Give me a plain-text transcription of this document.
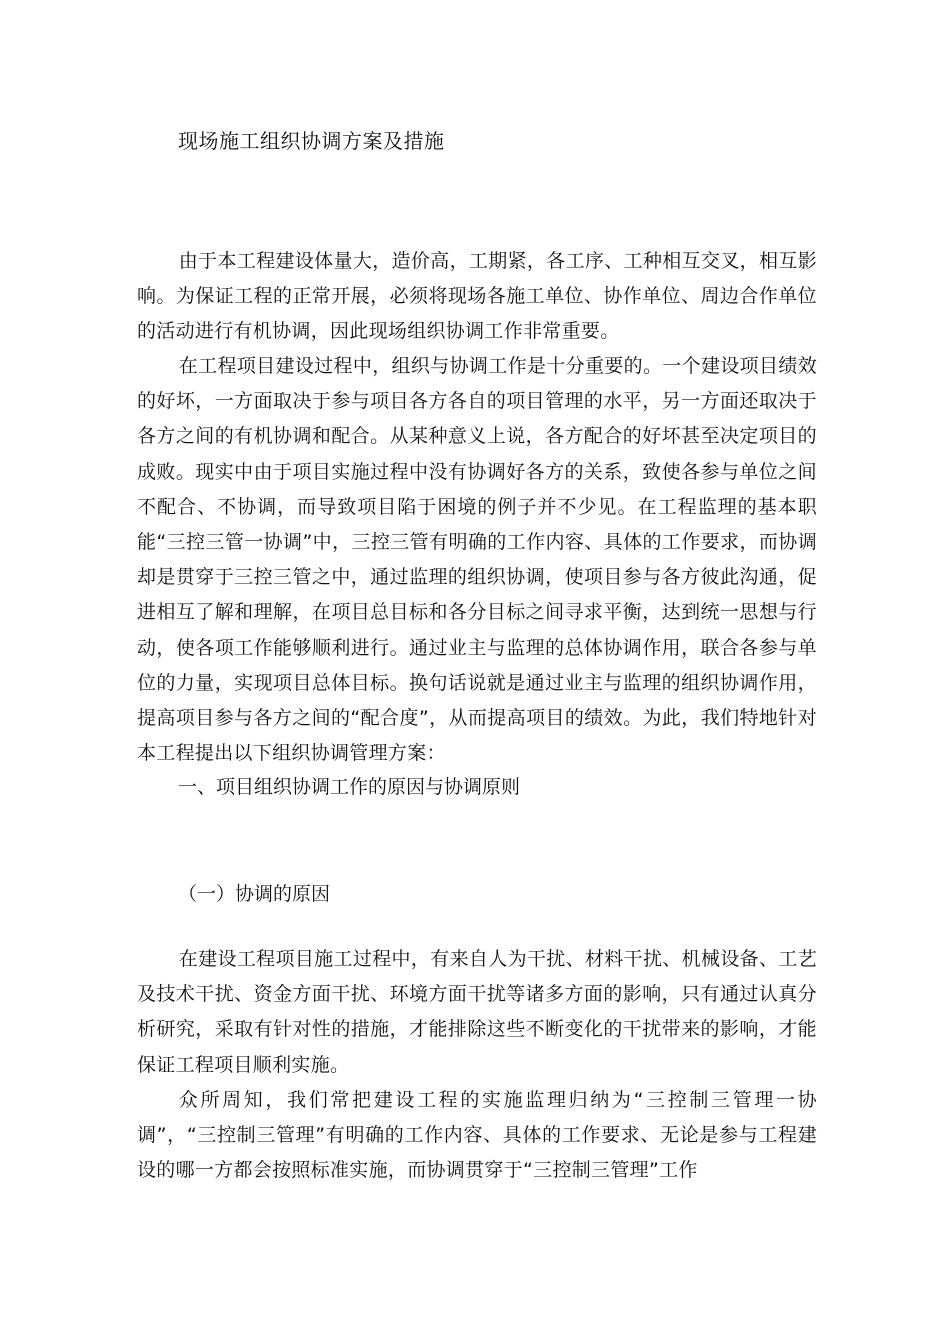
现场施工组织协调方案及措施

由于本工程建设体量大，造价高，工期紧，各工序、工种相互交叉，相互影响。为保证工程的正常开展，必须将现场各施工单位、协作单位、周边合作单位的活动进行有机协调，因此现场组织协调工作非常重要。

在工程项目建设过程中，组织与协调工作是十分重要的。一个建设项目绩效的好坏，一方面取决于参与项目各方各自的项目管理的水平，另一方面还取决于各方之间的有机协调和配合。从某种意义上说，各方配合的好坏甚至决定项目的成败。现实中由于项目实施过程中没有协调好各方的关系，致使各参与单位之间不配合、不协调，而导致项目陷于困境的例子并不少见。在工程监理的基本职能“三控三管一协调”中，三控三管有明确的工作内容、具体的工作要求，而协调却是贯穿于三控三管之中，通过监理的组织协调，使项目参与各方彼此沟通，促进相互了解和理解，在项目总目标和各分目标之间寻求平衡，达到统一思想与行动，使各项工作能够顺利进行。通过业主与监理的总体协调作用，联合各参与单位的力量，实现项目总体目标。换句话说就是通过业主与监理的组织协调作用，提高项目参与各方之间的“配合度”，从而提高项目的绩效。为此，我们特地针对本工程提出以下组织协调管理方案：

一、项目组织协调工作的原因与协调原则
（一）协调的原因

在建设工程项目施工过程中，有来自人为干扰、材料干扰、机械设备、工艺及技术干扰、资金方面干扰、环境方面干扰等诸多方面的影响，只有通过认真分析研究，采取有针对性的措施，才能排除这些不断变化的干扰带来的影响，才能保证工程项目顺利实施。

众所周知，我们常把建设工程的实施监理归纳为“三控制三管理一协调”，“三控制三管理”有明确的工作内容、具体的工作要求、无论是参与工程建设的哪一方都会按照标准实施，而协调贯穿于“三控制三管理”工作
